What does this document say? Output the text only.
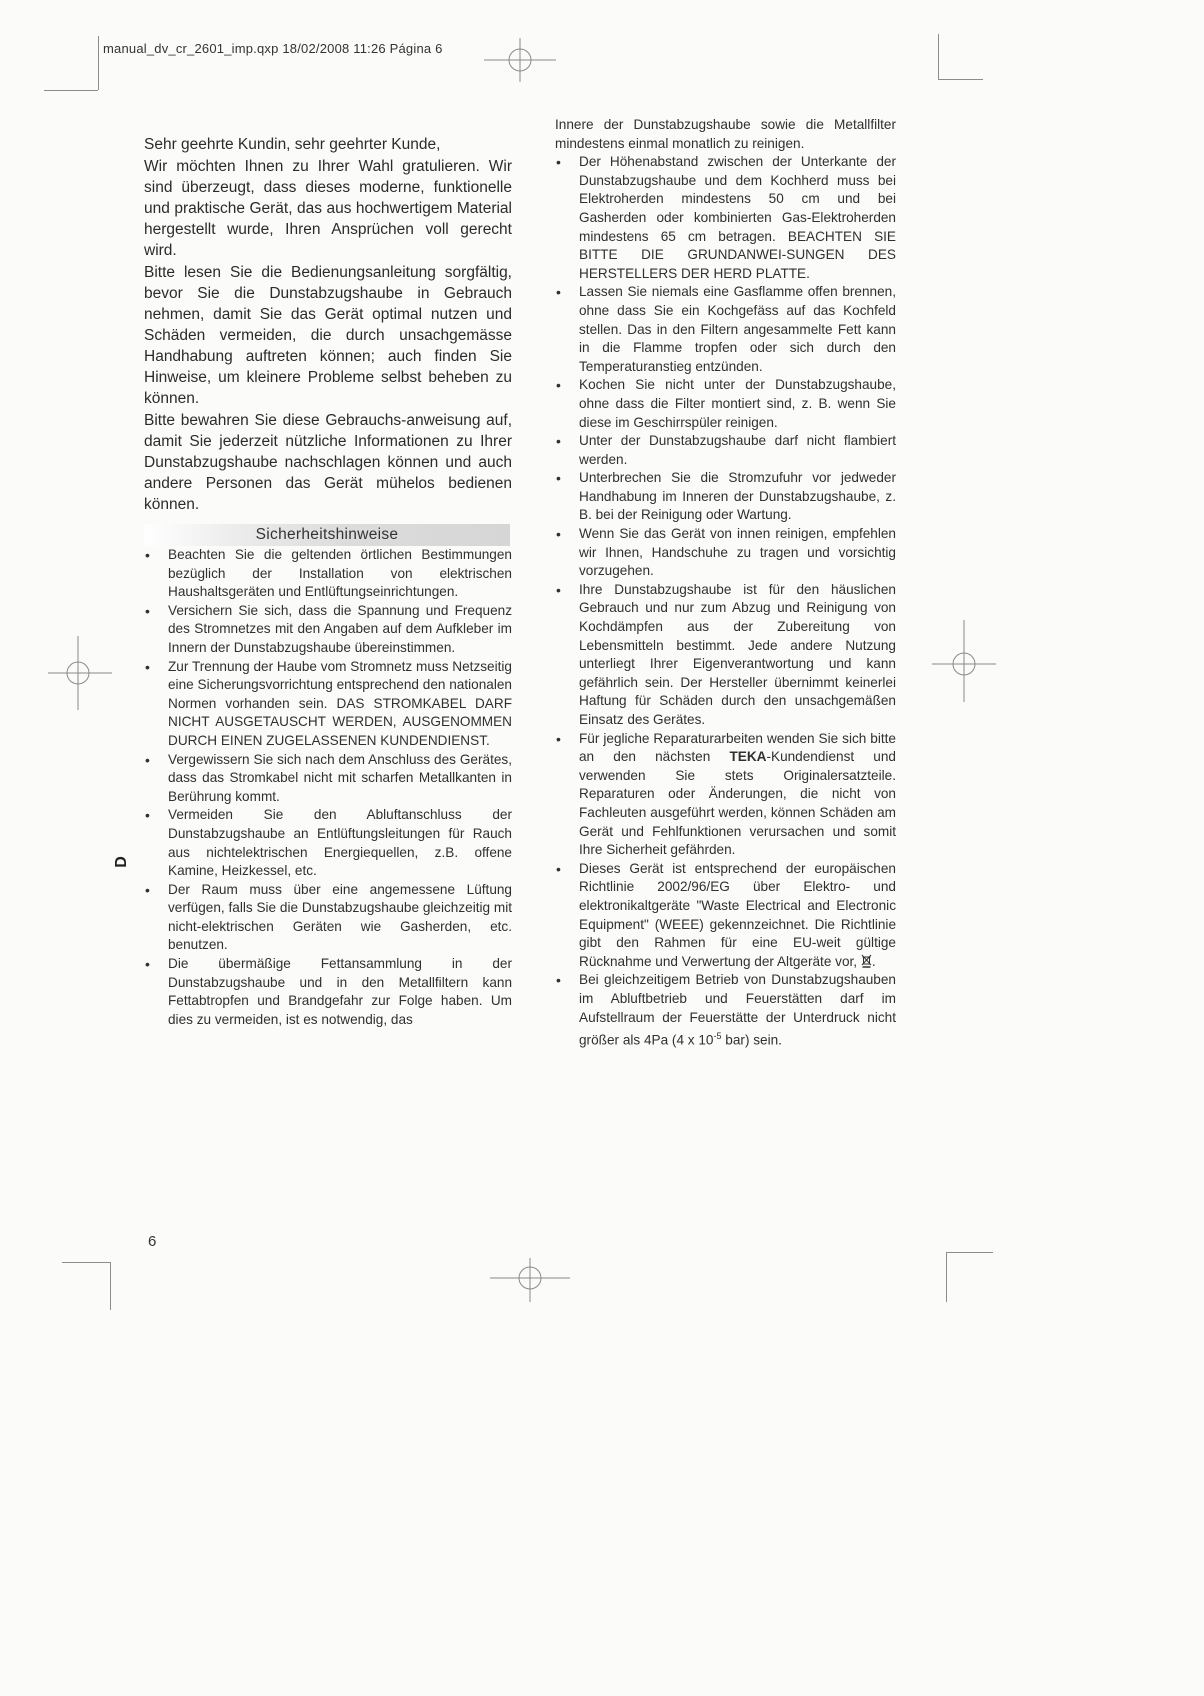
manual_dv_cr_2601_imp.qxp 18/02/2008 11:26 Página 6
D

Sehr geehrte Kundin, sehr geehrter Kunde,

Wir möchten Ihnen zu Ihrer Wahl gratulieren. Wir sind überzeugt, dass dieses moderne, funktionelle und praktische Gerät, das aus hochwertigem Material hergestellt wurde, Ihren Ansprüchen voll gerecht wird.

Bitte lesen Sie die Bedienungsanleitung sorgfältig, bevor Sie die Dunstabzugshaube in Gebrauch nehmen, damit Sie das Gerät optimal nutzen und Schäden vermeiden, die durch unsachgemässe Handhabung auftreten können; auch finden Sie Hinweise, um kleinere Probleme selbst beheben zu können.

Bitte bewahren Sie diese Gebrauchs-anweisung auf, damit Sie jederzeit nützliche Informationen zu Ihrer Dunstabzugshaube nachschlagen können und auch andere Personen das Gerät mühelos bedienen können.

Sicherheitshinweise
• Beachten Sie die geltenden örtlichen Bestimmungen bezüglich der Installation von elektrischen Haushaltsgeräten und Entlüftungseinrichtungen.
• Versichern Sie sich, dass die Spannung und Frequenz des Stromnetzes mit den Angaben auf dem Aufkleber im Innern der Dunstabzugshaube übereinstimmen.
• Zur Trennung der Haube vom Stromnetz muss Netzseitig eine Sicherungsvorrichtung entsprechend den nationalen Normen vorhanden sein. DAS STROMKABEL DARF NICHT AUSGETAUSCHT WERDEN, AUSGENOMMEN DURCH EINEN ZUGELASSENEN KUNDENDIENST.
• Vergewissern Sie sich nach dem Anschluss des Gerätes, dass das Stromkabel nicht mit scharfen Metallkanten in Berührung kommt.
• Vermeiden Sie den Abluftanschluss der Dunstabzugshaube an Entlüftungsleitungen für Rauch aus nichtelektrischen Energiequellen, z.B. offene Kamine, Heizkessel, etc.
• Der Raum muss über eine angemessene Lüftung verfügen, falls Sie die Dunstabzugshaube gleichzeitig mit nicht-elektrischen Geräten wie Gasherden, etc. benutzen.
• Die übermäßige Fettansammlung in der Dunstabzugshaube und in den Metallfiltern kann Fettabtropfen und Brandgefahr zur Folge haben. Um dies zu vermeiden, ist es notwendig, das

Innere der Dunstabzugshaube sowie die Metallfilter mindestens einmal monatlich zu reinigen.

• Der Höhenabstand zwischen der Unterkante der Dunstabzugshaube und dem Kochherd muss bei Elektroherden mindestens 50 cm und bei Gasherden oder kombinierten Gas-Elektroherden mindestens 65 cm betragen. BEACHTEN SIE BITTE DIE GRUNDANWEI-SUNGEN DES HERSTELLERS DER HERD PLATTE.
• Lassen Sie niemals eine Gasflamme offen brennen, ohne dass Sie ein Kochgefäss auf das Kochfeld stellen. Das in den Filtern angesammelte Fett kann in die Flamme tropfen oder sich durch den Temperaturanstieg entzünden.
• Kochen Sie nicht unter der Dunstabzugshaube, ohne dass die Filter montiert sind, z. B. wenn Sie diese im Geschirrspüler reinigen.
• Unter der Dunstabzugshaube darf nicht flambiert werden.
• Unterbrechen Sie die Stromzufuhr vor jedweder Handhabung im Inneren der Dunstabzugshaube, z. B. bei der Reinigung oder Wartung.
• Wenn Sie das Gerät von innen reinigen, empfehlen wir Ihnen, Handschuhe zu tragen und vorsichtig vorzugehen.
• Ihre Dunstabzugshaube ist für den häuslichen Gebrauch und nur zum Abzug und Reinigung von Kochdämpfen aus der Zubereitung von Lebensmitteln bestimmt. Jede andere Nutzung unterliegt Ihrer Eigenverantwortung und kann gefährlich sein. Der Hersteller übernimmt keinerlei Haftung für Schäden durch den unsachgemäßen Einsatz des Gerätes.
• Für jegliche Reparaturarbeiten wenden Sie sich bitte an den nächsten TEKA-Kundendienst und verwenden Sie stets Originalersatzteile. Reparaturen oder Änderungen, die nicht von Fachleuten ausgeführt werden, können Schäden am Gerät und Fehlfunktionen verursachen und somit Ihre Sicherheit gefährden.
• Dieses Gerät ist entsprechend der europäischen Richtlinie 2002/96/EG über Elektro- und elektronikaltgeräte "Waste Electrical and Electronic Equipment" (WEEE) gekennzeichnet. Die Richtlinie gibt den Rahmen für eine EU-weit gültige Rücknahme und Verwertung der Altgeräte vor, .
• Bei gleichzeitigem Betrieb von Dunstabzugshauben im Abluftbetrieb und Feuerstätten darf im Aufstellraum der Feuerstätte der Unterdruck nicht größer als 4Pa (4 x $10^{-5}$ bar) sein.
6
